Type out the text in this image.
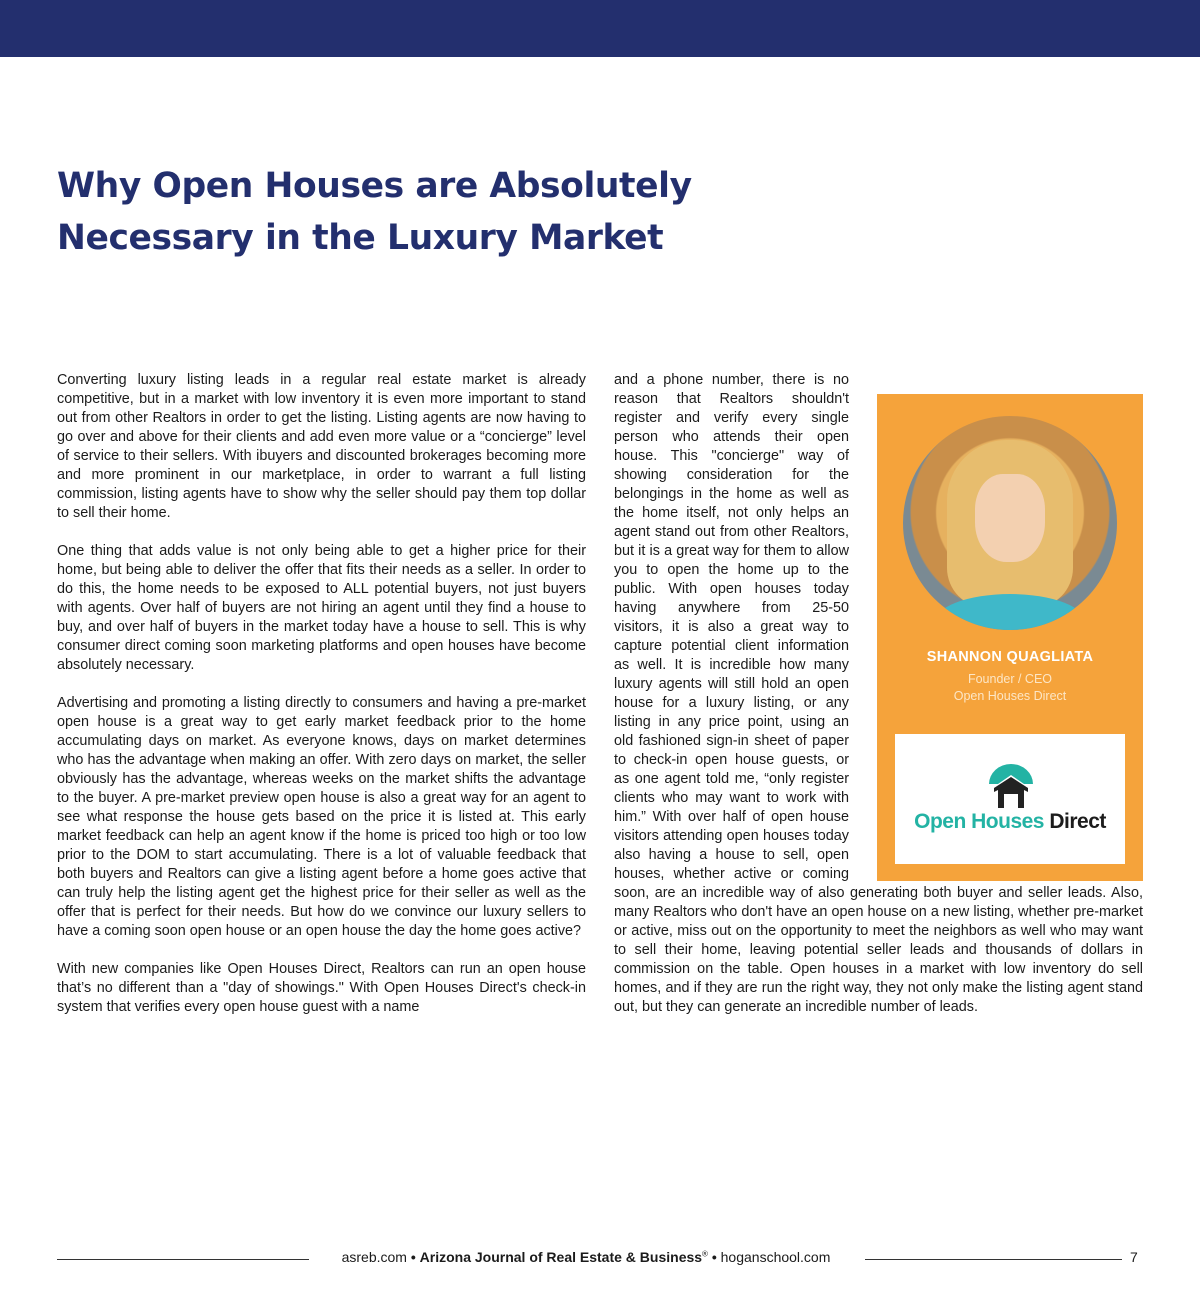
Why Open Houses are Absolutely
Necessary in the Luxury Market

Converting luxury listing leads in a regular real estate market is already competitive, but in a market with low inventory it is even more important to stand out from other Realtors in order to get the listing. Listing agents are now having to go over and above for their clients and add even more value or a “concierge” level of service to their sellers. With ibuyers and discounted brokerages becoming more and more prominent in our marketplace, in order to warrant a full listing commission, listing agents have to show why the seller should pay them top dollar to sell their home.

One thing that adds value is not only being able to get a higher price for their home, but being able to deliver the offer that fits their needs as a seller. In order to do this, the home needs to be exposed to ALL potential buyers, not just buyers with agents. Over half of buyers are not hiring an agent until they find a house to buy, and over half of buyers in the market today have a house to sell. This is why consumer direct coming soon marketing platforms and open houses have become absolutely necessary.

Advertising and promoting a listing directly to consumers and having a pre-market open house is a great way to get early market feedback prior to the home accumulating days on market. As everyone knows, days on market determines who has the advantage when making an offer. With zero days on market, the seller obviously has the advantage, whereas weeks on the market shifts the advantage to the buyer. A pre-market preview open house is also a great way for an agent to see what response the house gets based on the price it is listed at. This early market feedback can help an agent know if the home is priced too high or too low prior to the DOM to start accumulating. There is a lot of valuable feedback that both buyers and Realtors can give a listing agent before a home goes active that can truly help the listing agent get the highest price for their seller as well as the offer that is perfect for their needs. But how do we convince our luxury sellers to have a coming soon open house or an open house the day the home goes active?

With new companies like Open Houses Direct, Realtors can run an open house that’s no different than a "day of showings." With Open Houses Direct's check-in system that verifies every open house guest with a name

SHANNON QUAGLIATA
Founder / CEO
Open Houses Direct
Open Houses Direct

and a phone number, there is no reason that Realtors shouldn't register and verify every single person who attends their open house. This "concierge" way of showing consideration for the belongings in the home as well as the home itself, not only helps an agent stand out from other Realtors, but it is a great way for them to allow you to open the home up to the public. With open houses today having anywhere from 25-50 visitors, it is also a great way to capture potential client information as well. It is incredible how many luxury agents will still hold an open house for a luxury listing, or any listing in any price point, using an old fashioned sign-in sheet of paper to check-in open house guests, or as one agent told me, “only register clients who may want to work with him.” With over half of open house visitors attending open houses today also having a house to sell, open houses, whether active or coming soon, are an incredible way of also generating both buyer and seller leads. Also, many Realtors who don't have an open house on a new listing, whether pre-market or active, miss out on the opportunity to meet the neighbors as well who may want to sell their home, leaving potential seller leads and thousands of dollars in commission on the table. Open houses in a market with low inventory do sell homes, and if they are run the right way, they not only make the listing agent stand out, but they can generate an incredible number of leads.

asreb.com • Arizona Journal of Real Estate & Business® • hoganschool.com	7
